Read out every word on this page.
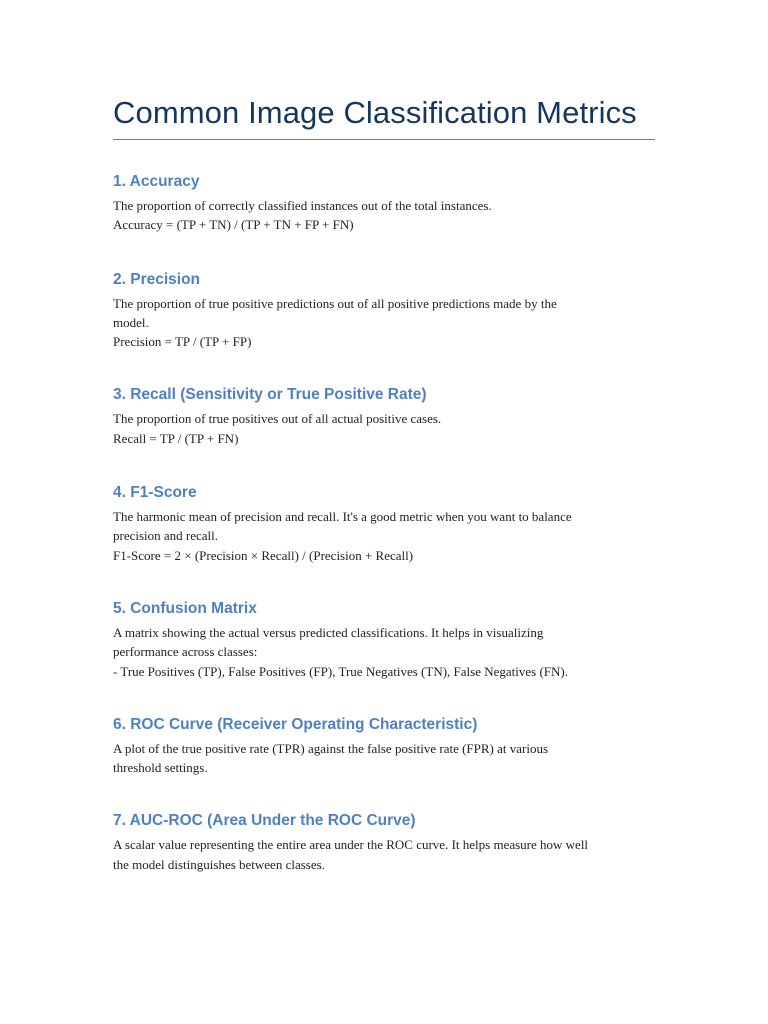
Common Image Classification Metrics
1. Accuracy

The proportion of correctly classified instances out of the total instances.
Accuracy = (TP + TN) / (TP + TN + FP + FN)

2. Precision

The proportion of true positive predictions out of all positive predictions made by the
model.
Precision = TP / (TP + FP)

3. Recall (Sensitivity or True Positive Rate)

The proportion of true positives out of all actual positive cases.
Recall = TP / (TP + FN)

4. F1-Score

The harmonic mean of precision and recall. It's a good metric when you want to balance
precision and recall.
F1-Score = 2 × (Precision × Recall) / (Precision + Recall)

5. Confusion Matrix

A matrix showing the actual versus predicted classifications. It helps in visualizing
performance across classes:
- True Positives (TP), False Positives (FP), True Negatives (TN), False Negatives (FN).

6. ROC Curve (Receiver Operating Characteristic)

A plot of the true positive rate (TPR) against the false positive rate (FPR) at various
threshold settings.

7. AUC-ROC (Area Under the ROC Curve)

A scalar value representing the entire area under the ROC curve. It helps measure how well
the model distinguishes between classes.
